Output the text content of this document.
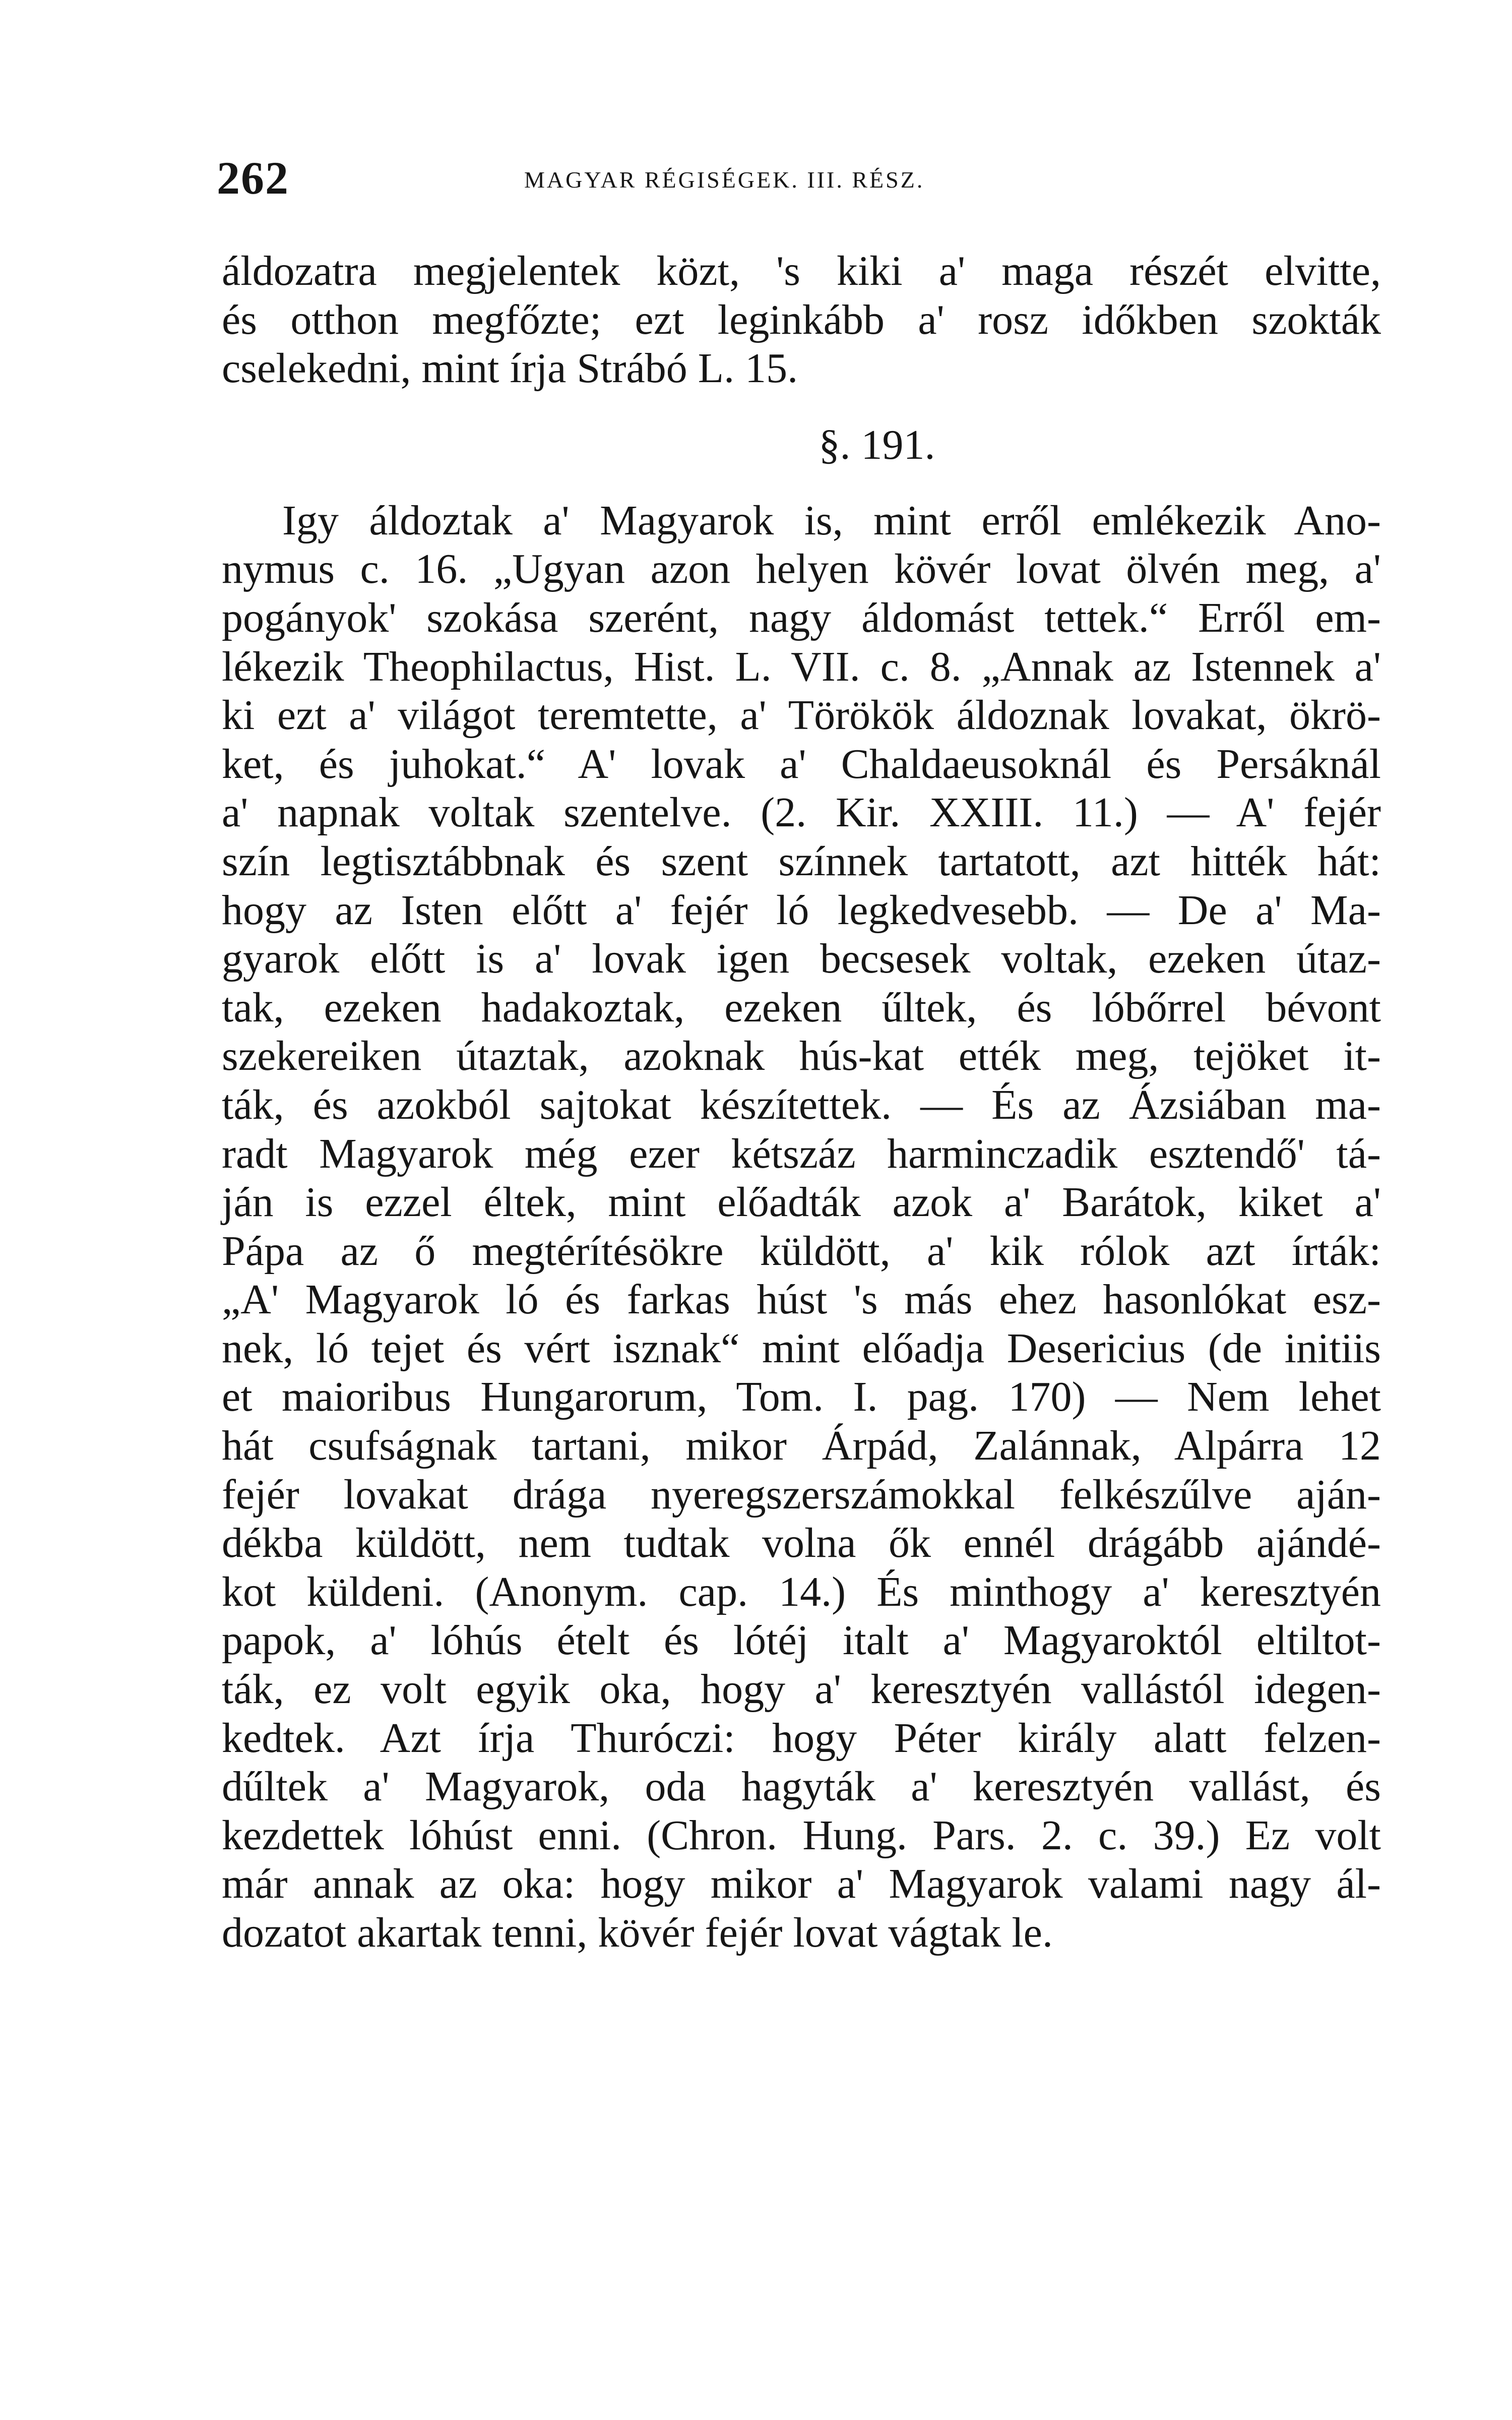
262	MAGYAR RÉGISÉGEK. III. RÉSZ.
áldozatra megjelentek közt, 's kiki a' maga részét elvitte,
és otthon megfőzte; ezt leginkább a' rosz időkben szokták
cselekedni, mint írja Strábó L. 15.
§. 191.
Igy áldoztak a' Magyarok is, mint erről emlékezik Ano-
nymus c. 16. „Ugyan azon helyen kövér lovat ölvén meg, a'
pogányok' szokása szerént, nagy áldomást tettek.“ Erről em-
lékezik Theophilactus, Hist. L. VII. c. 8. „Annak az Istennek a'
ki ezt a' világot teremtette, a' Törökök áldoznak lovakat, ökrö-
ket, és juhokat.“ A' lovak a' Chaldaeusoknál és Persáknál
a' napnak voltak szentelve. (2. Kir. XXIII. 11.) — A' fejér
szín legtisztábbnak és szent színnek tartatott, azt hitték hát:
hogy az Isten előtt a' fejér ló legkedvesebb. — De a' Ma-
gyarok előtt is a' lovak igen becsesek voltak, ezeken útaz-
tak, ezeken hadakoztak, ezeken űltek, és lóbőrrel bévont
szekereiken útaztak, azoknak hús-kat ették meg, tejöket it-
ták, és azokból sajtokat készítettek. — És az Ázsiában ma-
radt Magyarok még ezer kétszáz harminczadik esztendő' tá-
ján is ezzel éltek, mint előadták azok a' Barátok, kiket a'
Pápa az ő megtérítésökre küldött, a' kik rólok azt írták:
„A' Magyarok ló és farkas húst 's más ehez hasonlókat esz-
nek, ló tejet és vért isznak“ mint előadja Desericius (de initiis
et maioribus Hungarorum, Tom. I. pag. 170) — Nem lehet
hát csufságnak tartani, mikor Árpád, Zalánnak, Alpárra 12
fejér lovakat drága nyeregszerszámokkal felkészűlve aján-
dékba küldött, nem tudtak volna ők ennél drágább ajándé-
kot küldeni. (Anonym. cap. 14.) És minthogy a' keresztyén
papok, a' lóhús ételt és lótéj italt a' Magyaroktól eltiltot-
ták, ez volt egyik oka, hogy a' keresztyén vallástól idegen-
kedtek. Azt írja Thuróczi: hogy Péter király alatt felzen-
dűltek a' Magyarok, oda hagyták a' keresztyén vallást, és
kezdettek lóhúst enni. (Chron. Hung. Pars. 2. c. 39.) Ez volt
már annak az oka: hogy mikor a' Magyarok valami nagy ál-
dozatot akartak tenni, kövér fejér lovat vágtak le.
